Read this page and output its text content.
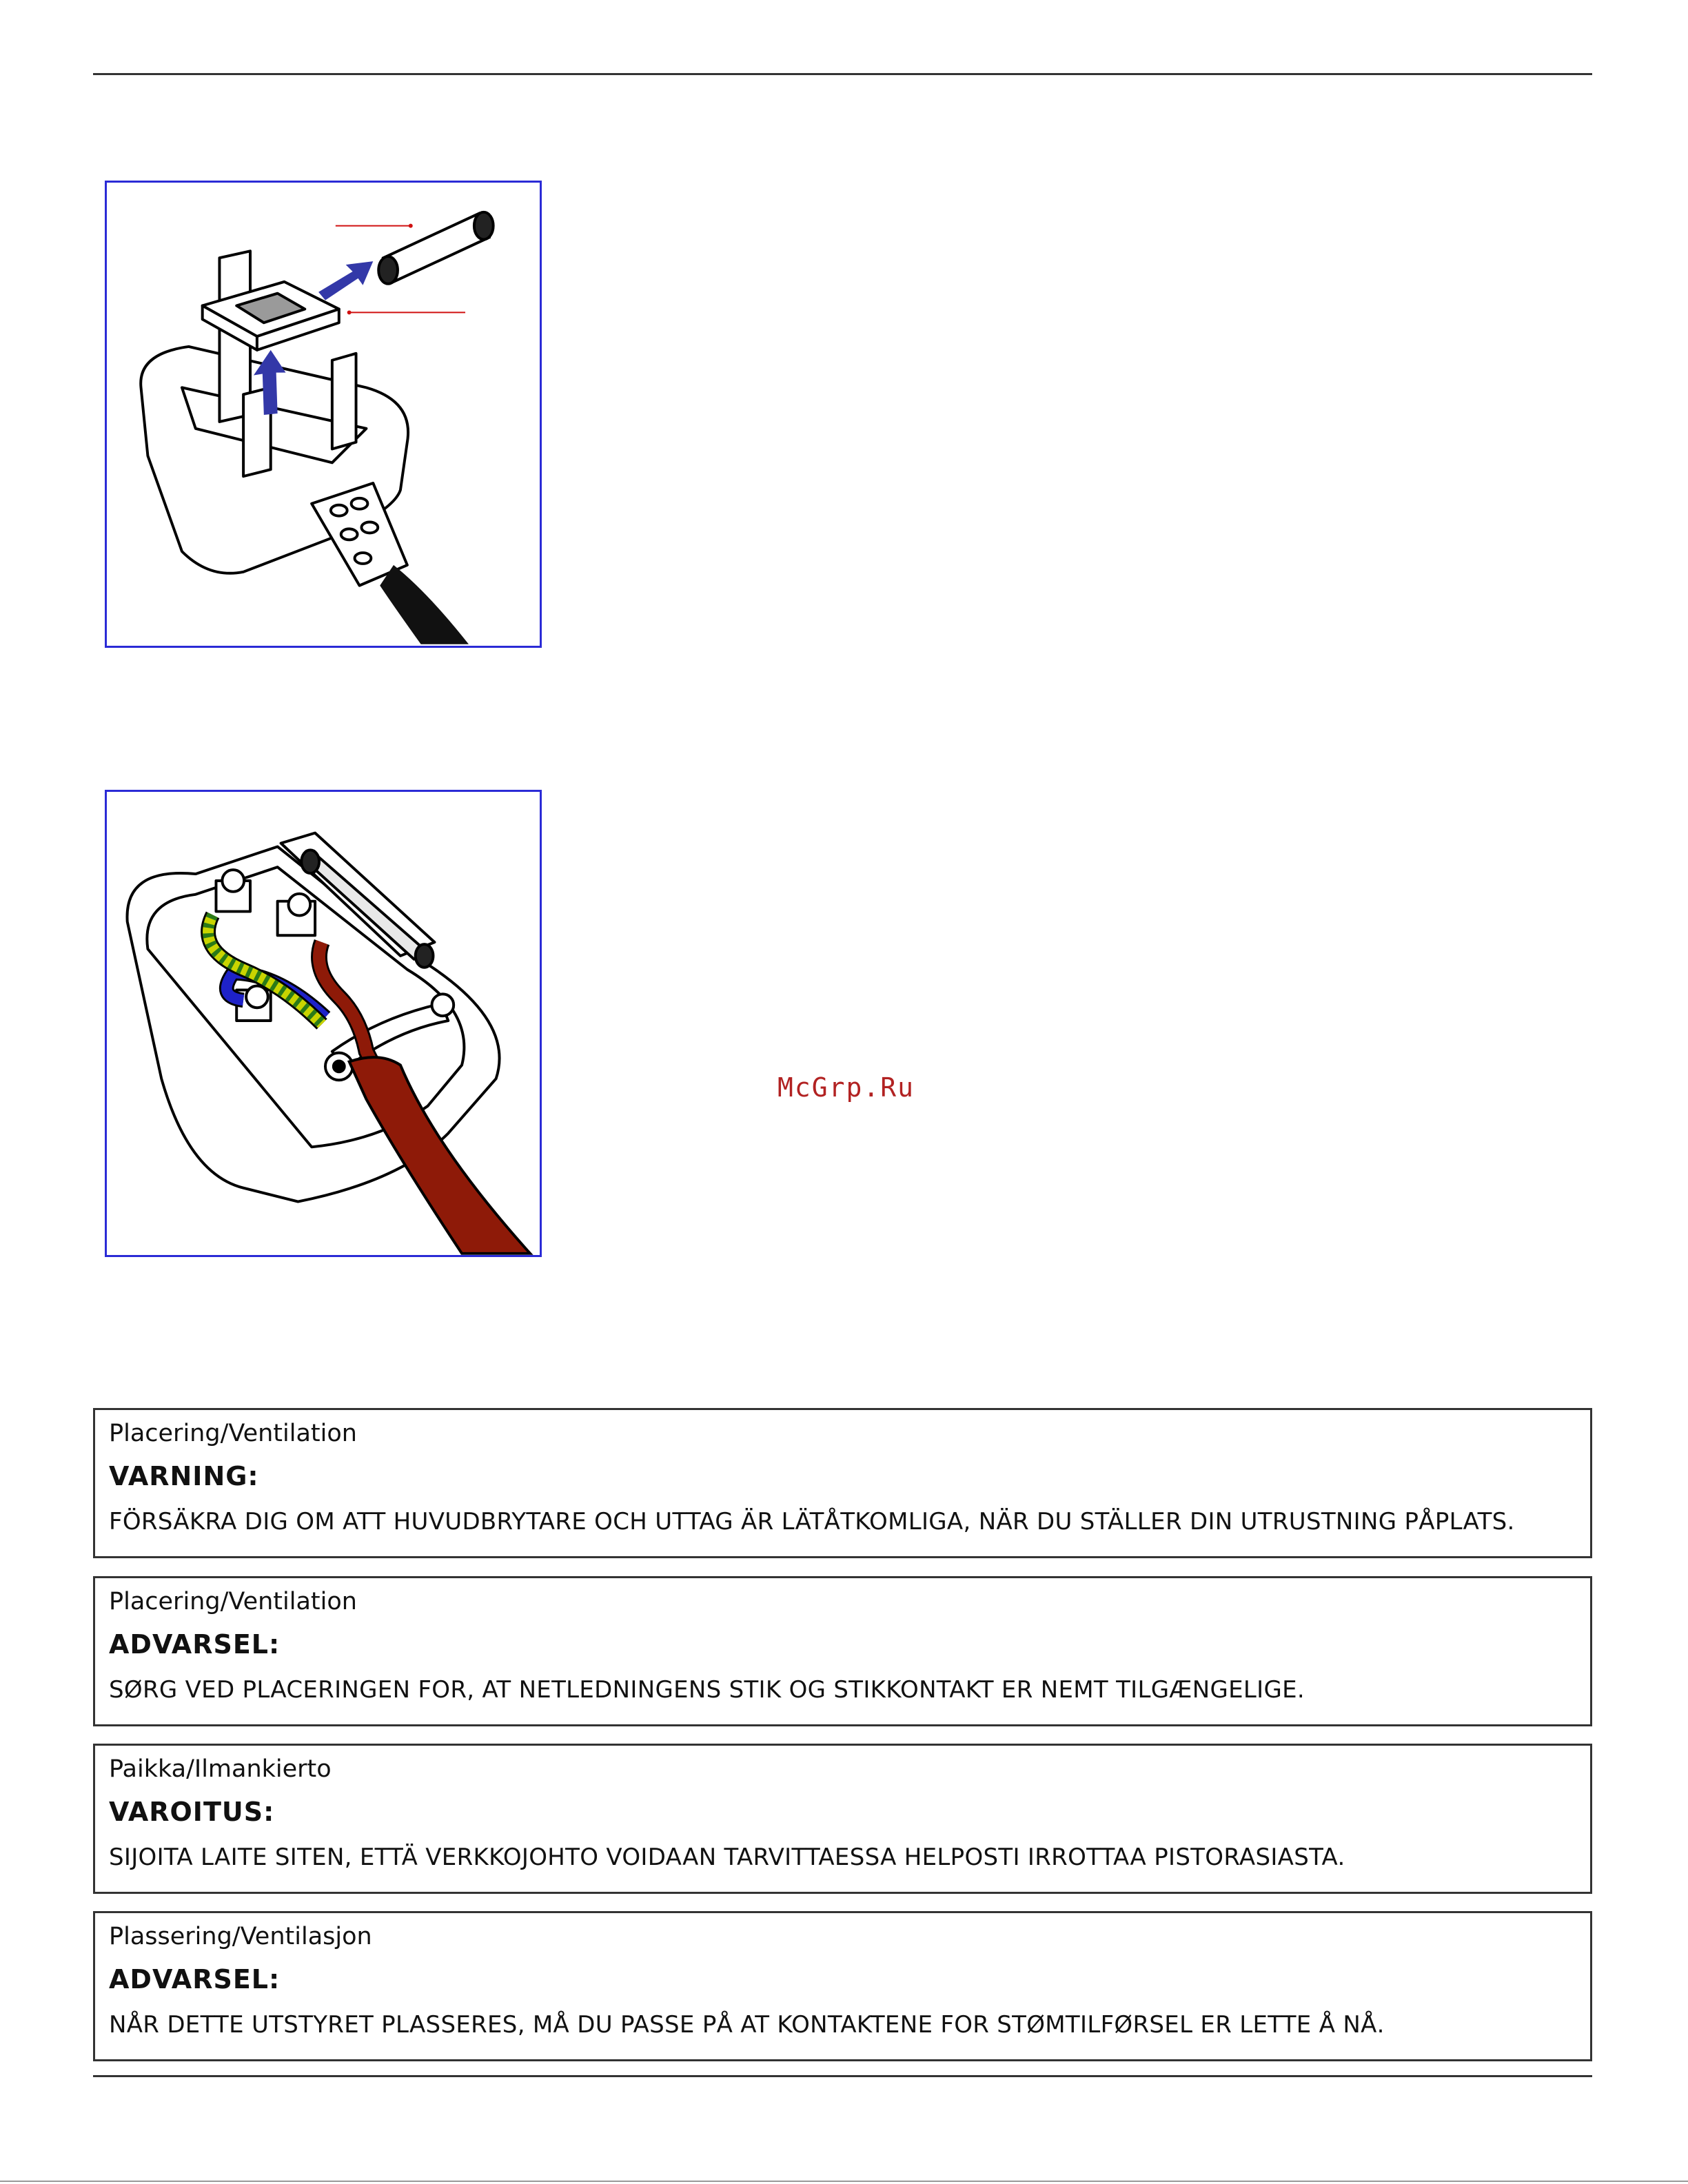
McGrp.Ru
Placering/Ventilation
VARNING:
FÖRSÄKRA DIG OM ATT HUVUDBRYTARE OCH UTTAG ÄR LÄTÅTKOMLIGA, NÄR DU STÄLLER DIN UTRUSTNING PÅPLATS.
Placering/Ventilation
ADVARSEL:
SØRG VED PLACERINGEN FOR, AT NETLEDNINGENS STIK OG STIKKONTAKT ER NEMT TILGÆNGELIGE.
Paikka/Ilmankierto
VAROITUS:
SIJOITA LAITE SITEN, ETTÄ VERKKOJOHTO VOIDAAN TARVITTAESSA HELPOSTI IRROTTAA PISTORASIASTA.
Plassering/Ventilasjon
ADVARSEL:
NÅR DETTE UTSTYRET PLASSERES, MÅ DU PASSE PÅ AT KONTAKTENE FOR STØMTILFØRSEL ER LETTE Å NÅ.
